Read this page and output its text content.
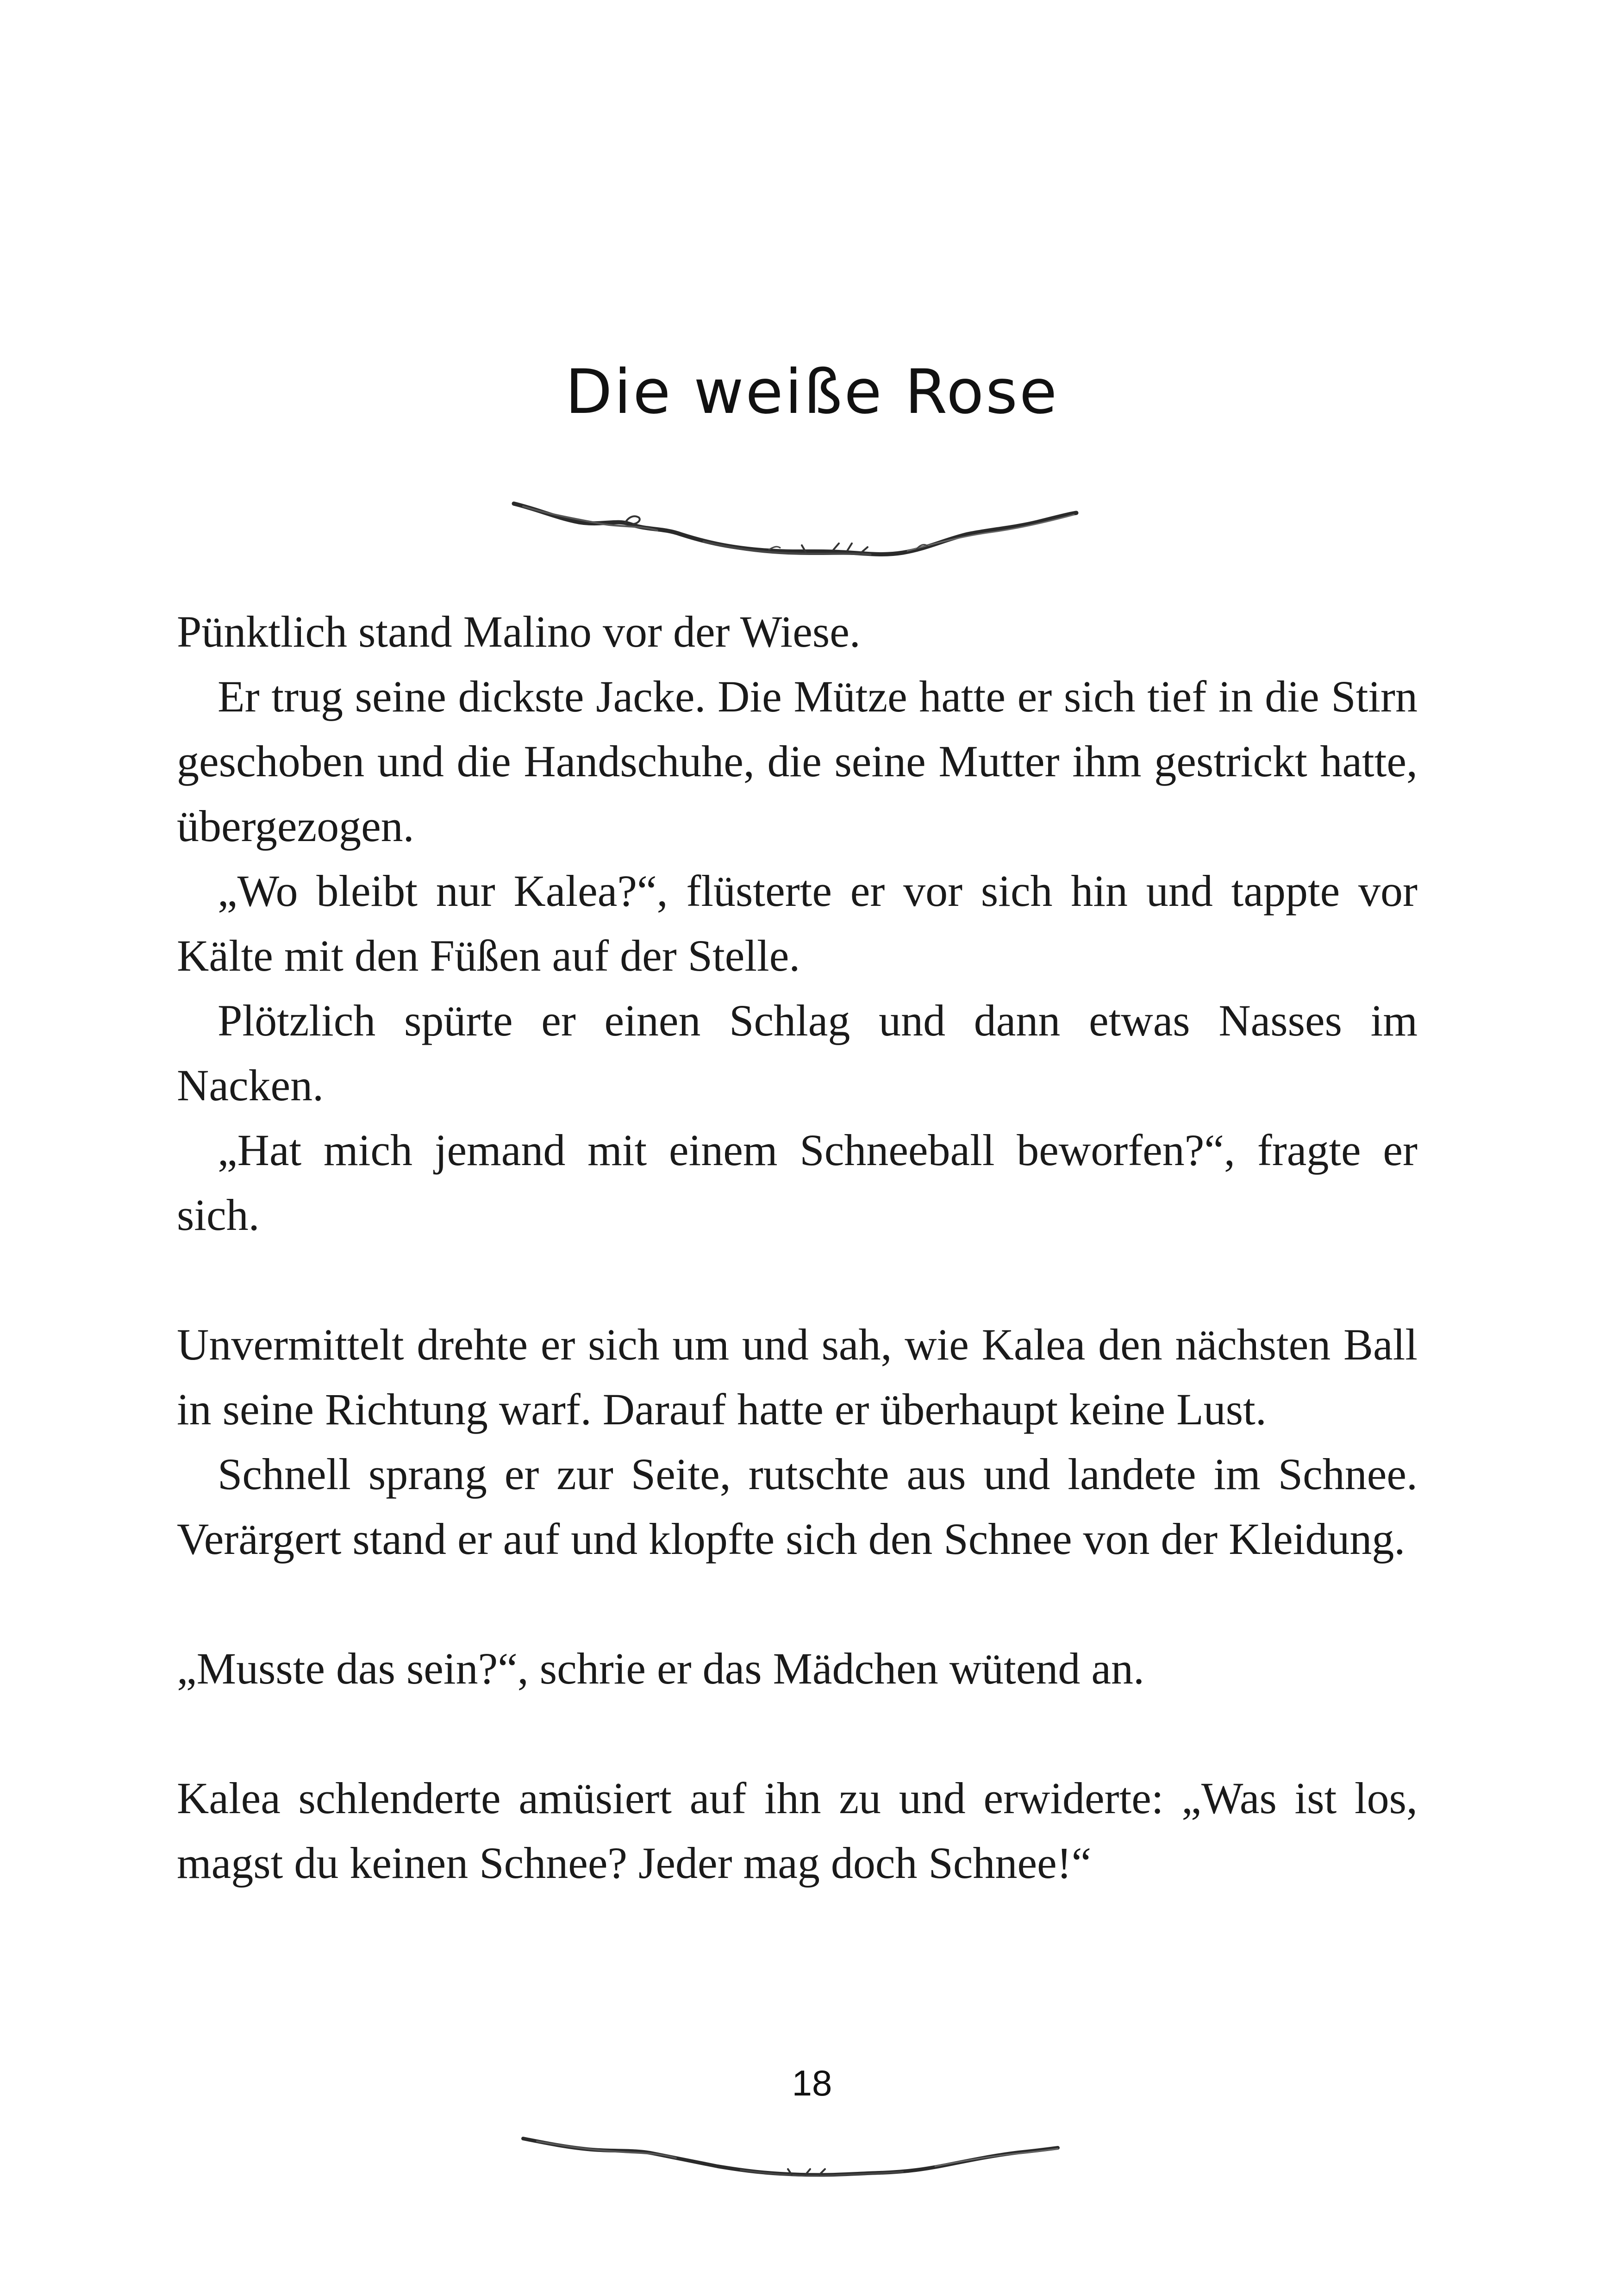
Die weiße Rose

Pünktlich stand Malino vor der Wiese.

Er trug seine dickste Jacke. Die Mütze hatte er sich tief in die Stirn geschoben und die Handschuhe, die seine Mutter ihm gestrickt hatte, übergezogen.

„Wo bleibt nur Kalea?“, flüsterte er vor sich hin und tappte vor Kälte mit den Füßen auf der Stelle.

Plötzlich spürte er einen Schlag und dann etwas Nasses im Nacken.

„Hat mich jemand mit einem Schneeball beworfen?“, fragte er sich.

Unvermittelt drehte er sich um und sah, wie Kalea den nächsten Ball in seine Richtung warf. Darauf hatte er überhaupt keine Lust.

Schnell sprang er zur Seite, rutschte aus und landete im Schnee. Verärgert stand er auf und klopfte sich den Schnee von der Kleidung.

„Musste das sein?“, schrie er das Mädchen wütend an.

Kalea schlenderte amüsiert auf ihn zu und erwiderte: „Was ist los, magst du keinen Schnee? Jeder mag doch Schnee!“

18
